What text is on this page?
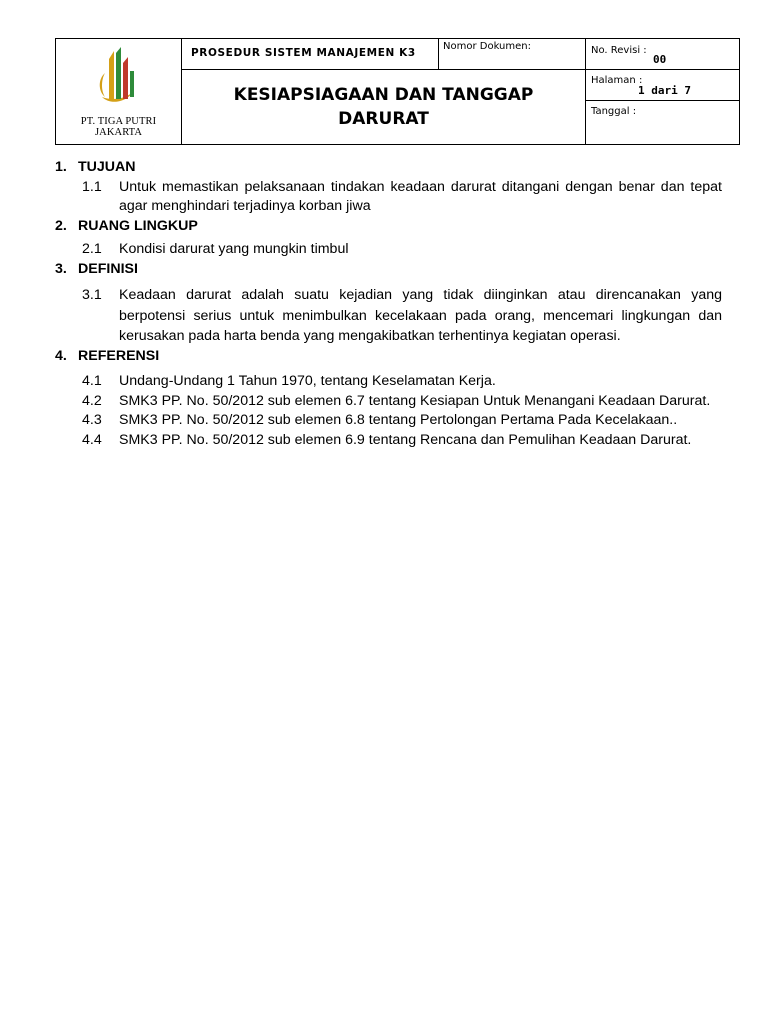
PT. TIGA PUTRI JAKARTA
PROSEDUR SISTEM MANAJEMEN K3
Nomor Dokumen:
KESIAPSIAGAAN DAN TANGGAP
DARURAT
No. Revisi :
00
Halaman :
1 dari 7
Tanggal :
1. TUJUAN
1.1 Untuk memastikan pelaksanaan tindakan keadaan darurat ditangani dengan benar dan tepat agar menghindari terjadinya korban jiwa
2. RUANG LINGKUP
2.1 Kondisi darurat yang mungkin timbul
3. DEFINISI
3.1 Keadaan darurat adalah suatu kejadian yang tidak diinginkan atau direncanakan yang berpotensi serius untuk menimbulkan kecelakaan pada orang, mencemari lingkungan dan kerusakan pada harta benda yang mengakibatkan terhentinya kegiatan operasi.
4. REFERENSI
4.1 Undang-Undang 1 Tahun 1970, tentang Keselamatan Kerja.
4.2 SMK3 PP. No. 50/2012 sub elemen 6.7 tentang Kesiapan Untuk Menangani Keadaan Darurat.
4.3 SMK3 PP. No. 50/2012 sub elemen 6.8 tentang Pertolongan Pertama Pada Kecelakaan..
4.4 SMK3 PP. No. 50/2012 sub elemen 6.9 tentang Rencana dan Pemulihan Keadaan Darurat.
